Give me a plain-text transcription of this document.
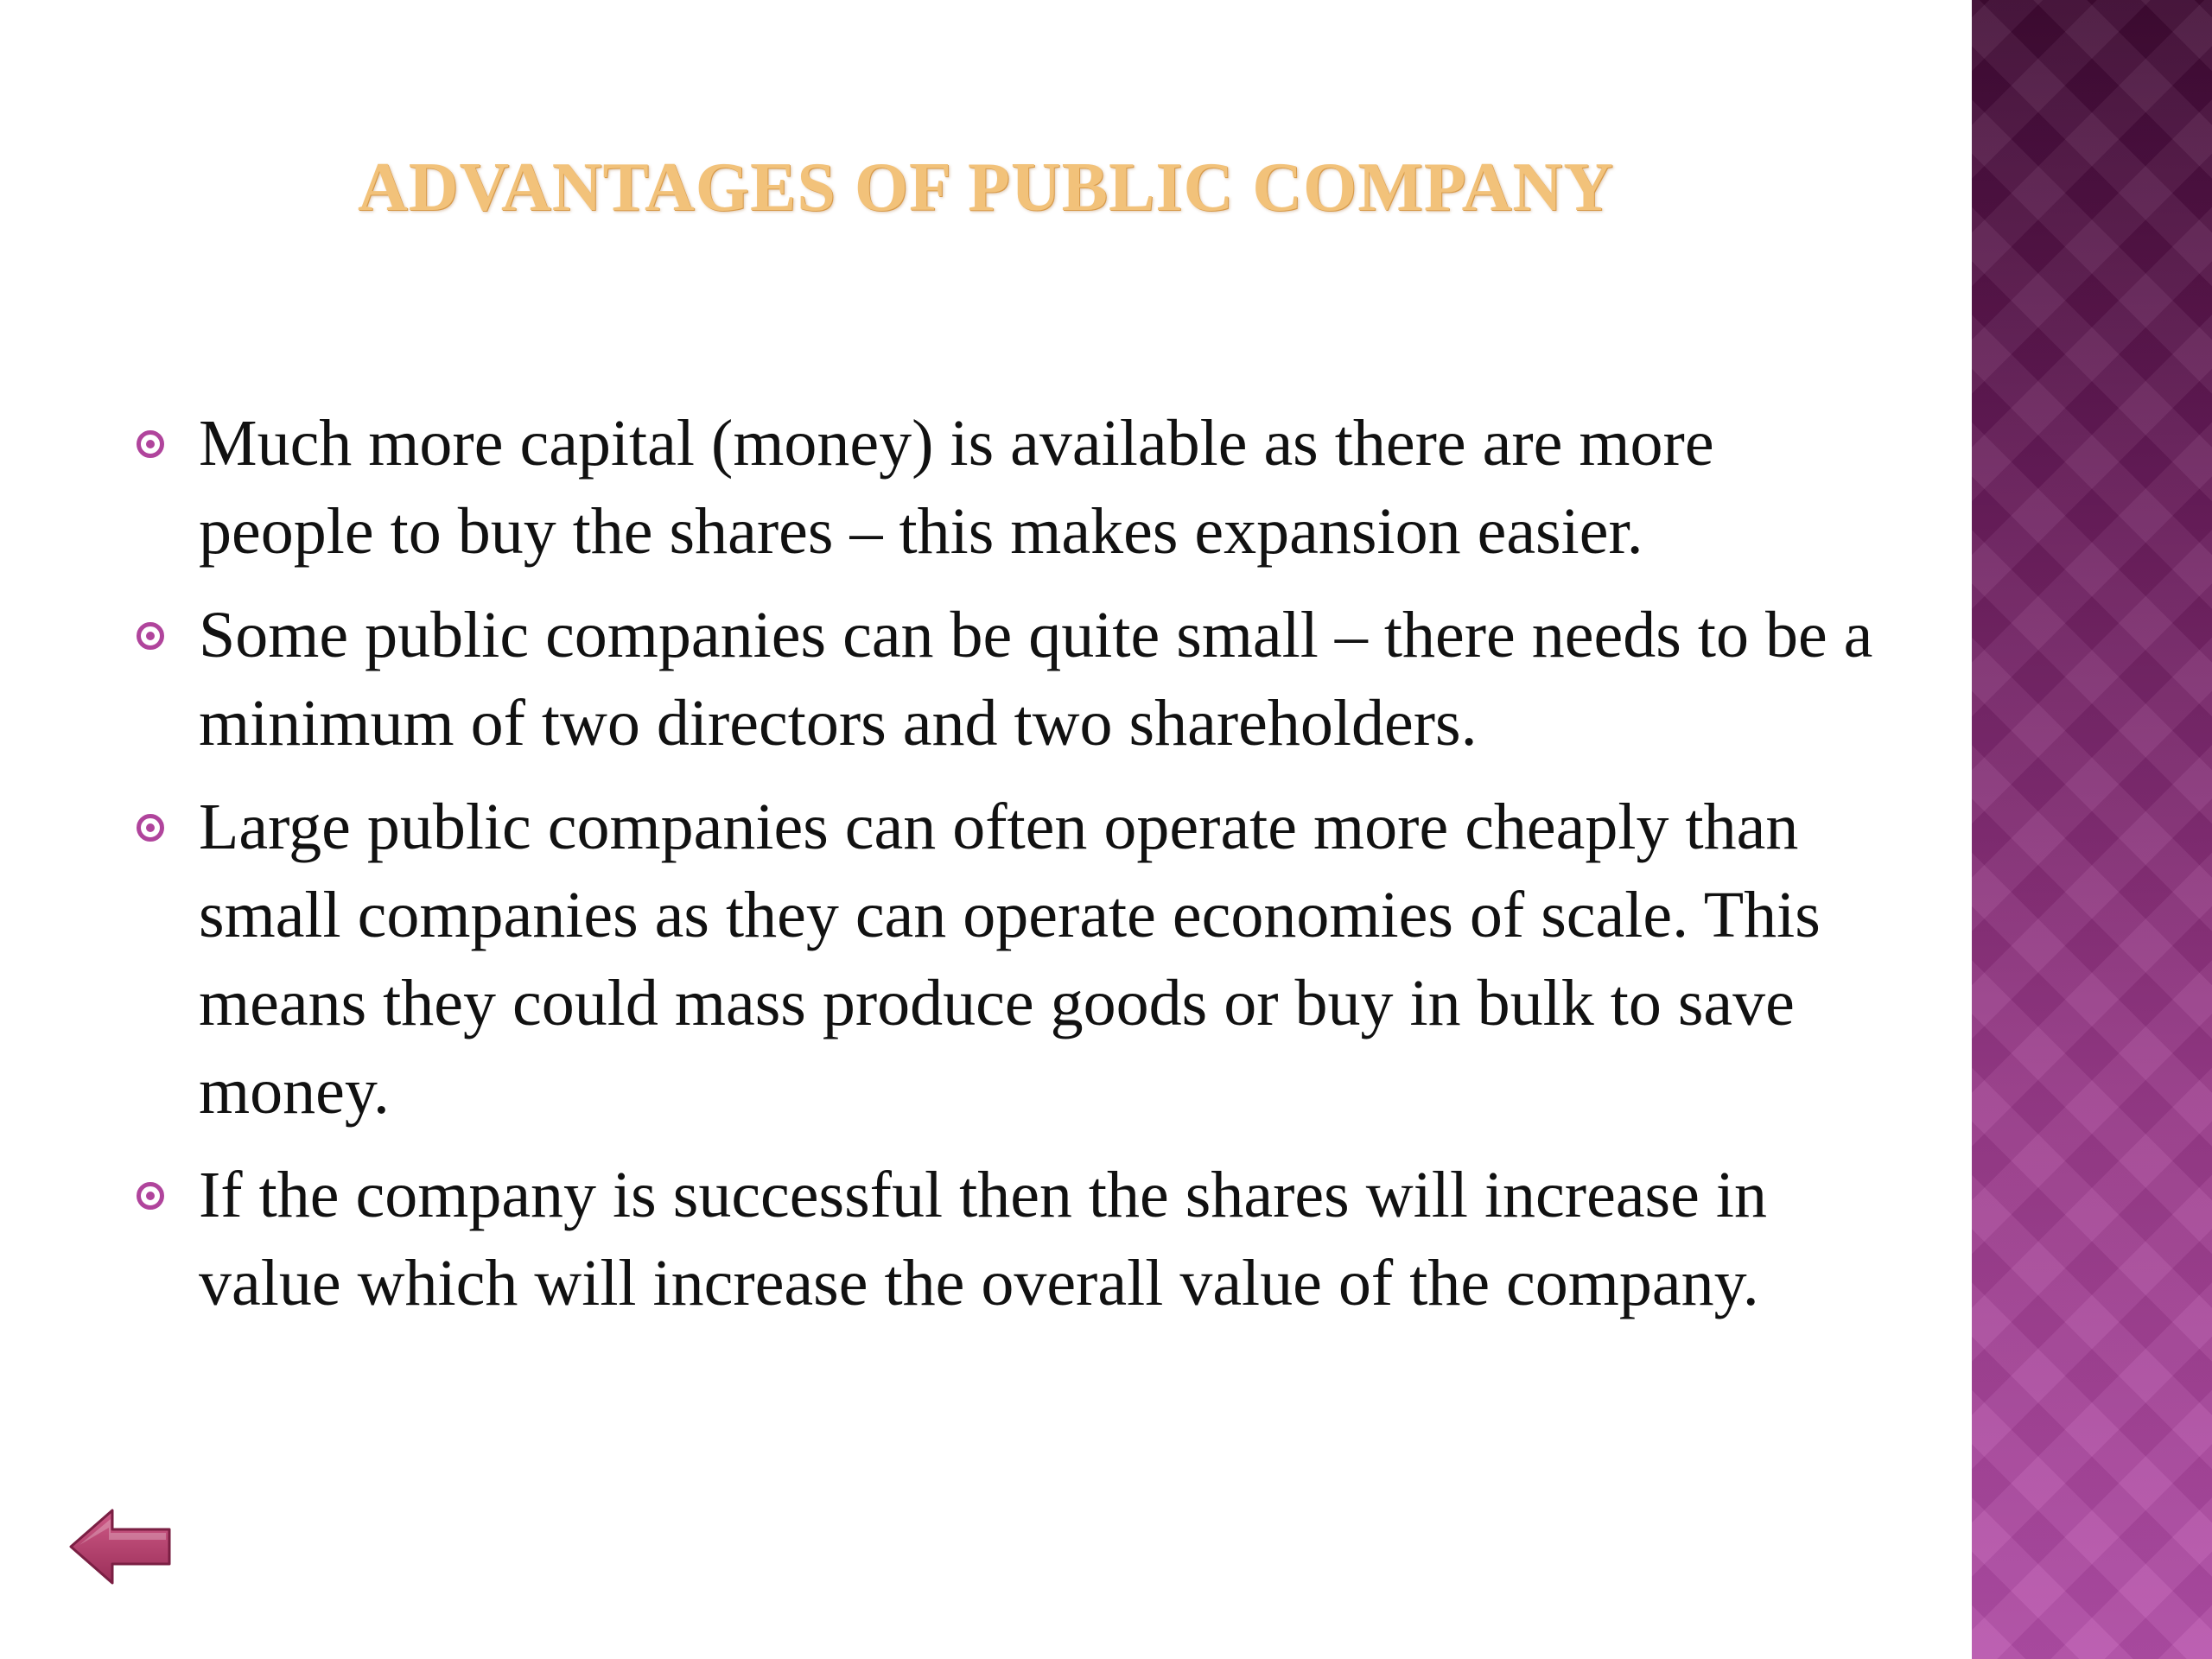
ADVANTAGES OF PUBLIC COMPANY
Much more capital (money) is available as there are more people to buy the shares – this makes expansion easier.
Some public companies can be quite small – there needs to be a minimum of two directors and two shareholders.
Large public companies can often operate more cheaply than small companies as they can operate economies of scale. This means they could mass produce goods or buy in bulk to save money.
If the company is successful then the shares will increase in value which will increase the overall value of the company.
